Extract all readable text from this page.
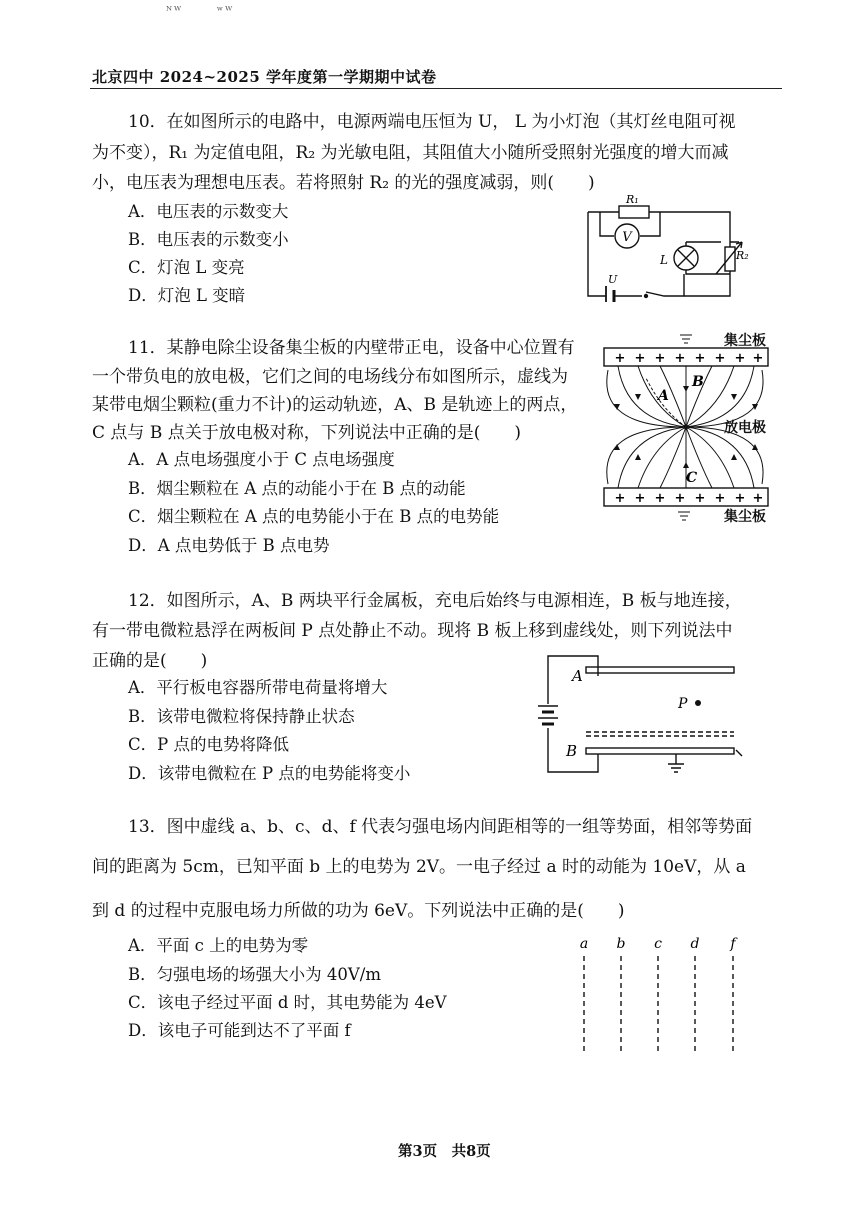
ᴺᵂ	ʷᵂ
北京四中 2024~2025 学年度第一学期期中试卷
10．在如图所示的电路中，电源两端电压恒为 U， L 为小灯泡（其灯丝电阻可视
为不变），R₁ 为定值电阻，R₂ 为光敏电阻，其阻值大小随所受照射光强度的增大而减
小，电压表为理想电压表。若将照射 R₂ 的光的强度减弱，则(　　)
A．电压表的示数变大
B．电压表的示数变小
C．灯泡 L 变亮
D．灯泡 L 变暗
V
R₁
R₂
L
U
11．某静电除尘设备集尘板的内壁带正电，设备中心位置有
一个带负电的放电极，它们之间的电场线分布如图所示，虚线为
某带电烟尘颗粒(重力不计)的运动轨迹，A、B 是轨迹上的两点，
C 点与 B 点关于放电极对称，下列说法中正确的是(　　)
A．A 点电场强度小于 C 点电场强度
B．烟尘颗粒在 A 点的动能小于在 B 点的动能
C．烟尘颗粒在 A 点的电势能小于在 B 点的电势能
D．A 点电势低于 B 点电势
+ + + + + + + +
+ + + + + + + +
B
A
C
集尘板
放电极
集尘板
12．如图所示，A、B 两块平行金属板，充电后始终与电源相连，B 板与地连接，
有一带电微粒悬浮在两板间 P 点处静止不动。现将 B 板上移到虚线处，则下列说法中
正确的是(　　)
A．平行板电容器所带电荷量将增大
B．该带电微粒将保持静止状态
C．P 点的电势将降低
D．该带电微粒在 P 点的电势能将变小
A
B
P
13．图中虚线 a、b、c、d、f 代表匀强电场内间距相等的一组等势面，相邻等势面
间的距离为 5cm，已知平面 b 上的电势为 2V。一电子经过 a 时的动能为 10eV，从 a
到 d 的过程中克服电场力所做的功为 6eV。下列说法中正确的是(　　)
A．平面 c 上的电势为零
B．匀强电场的场强大小为 40V/m
C．该电子经过平面 d 时，其电势能为 4eV
D．该电子可能到达不了平面 f
a b c d f
第3页　共8页
